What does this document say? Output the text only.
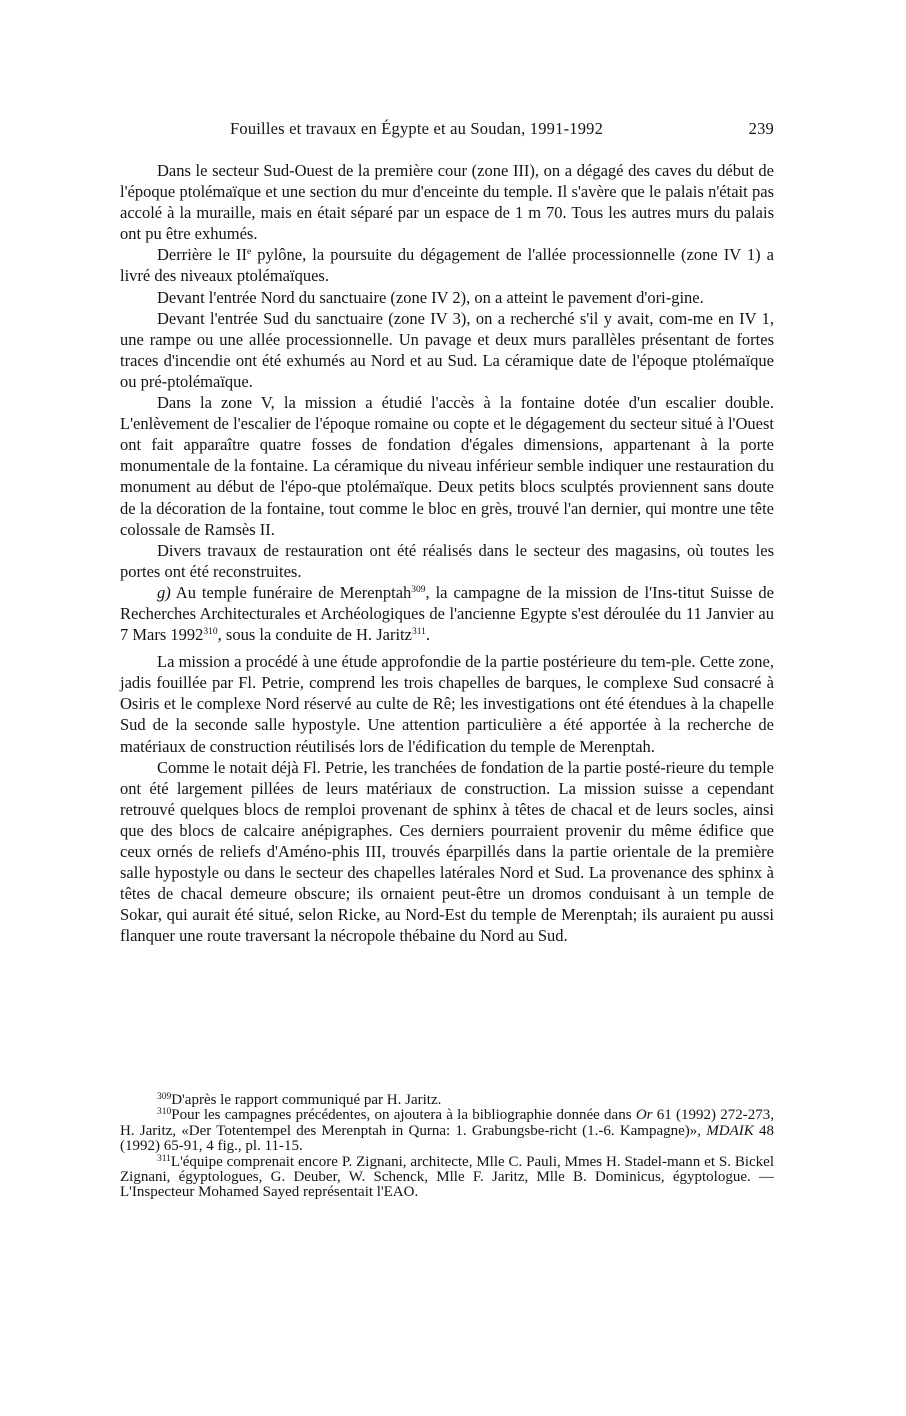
Fouilles et travaux en Égypte et au Soudan, 1991-1992	239

Dans le secteur Sud-Ouest de la première cour (zone III), on a dégagé des caves du début de l'époque ptolémaïque et une section du mur d'enceinte du temple. Il s'avère que le palais n'était pas accolé à la muraille, mais en était séparé par un espace de 1 m 70. Tous les autres murs du palais ont pu être exhumés.

Derrière le IIe pylône, la poursuite du dégagement de l'allée processionnelle (zone IV 1) a livré des niveaux ptolémaïques.

Devant l'entrée Nord du sanctuaire (zone IV 2), on a atteint le pavement d'ori-gine.

Devant l'entrée Sud du sanctuaire (zone IV 3), on a recherché s'il y avait, com-me en IV 1, une rampe ou une allée processionnelle. Un pavage et deux murs parallèles présentant de fortes traces d'incendie ont été exhumés au Nord et au Sud. La céramique date de l'époque ptolémaïque ou pré-ptolémaïque.

Dans la zone V, la mission a étudié l'accès à la fontaine dotée d'un escalier double. L'enlèvement de l'escalier de l'époque romaine ou copte et le dégagement du secteur situé à l'Ouest ont fait apparaître quatre fosses de fondation d'égales dimensions, appartenant à la porte monumentale de la fontaine. La céramique du niveau inférieur semble indiquer une restauration du monument au début de l'épo-que ptolémaïque. Deux petits blocs sculptés proviennent sans doute de la décoration de la fontaine, tout comme le bloc en grès, trouvé l'an dernier, qui montre une tête colossale de Ramsès II.

Divers travaux de restauration ont été réalisés dans le secteur des magasins, où toutes les portes ont été reconstruites.

g) Au temple funéraire de Merenptah$^{309}$, la campagne de la mission de l'Ins-titut Suisse de Recherches Architecturales et Archéologiques de l'ancienne Egypte s'est déroulée du 11 Janvier au 7 Mars 1992$^{310}$, sous la conduite de H. Jaritz$^{311}$.

La mission a procédé à une étude approfondie de la partie postérieure du tem-ple. Cette zone, jadis fouillée par Fl. Petrie, comprend les trois chapelles de barques, le complexe Sud consacré à Osiris et le complexe Nord réservé au culte de Rê; les investigations ont été étendues à la chapelle Sud de la seconde salle hypostyle. Une attention particulière a été apportée à la recherche de matériaux de construction réutilisés lors de l'édification du temple de Merenptah.

Comme le notait déjà Fl. Petrie, les tranchées de fondation de la partie posté-rieure du temple ont été largement pillées de leurs matériaux de construction. La mission suisse a cependant retrouvé quelques blocs de remploi provenant de sphinx à têtes de chacal et de leurs socles, ainsi que des blocs de calcaire anépigraphes. Ces derniers pourraient provenir du même édifice que ceux ornés de reliefs d'Améno-phis III, trouvés éparpillés dans la partie orientale de la première salle hypostyle ou dans le secteur des chapelles latérales Nord et Sud. La provenance des sphinx à têtes de chacal demeure obscure; ils ornaient peut-être un dromos conduisant à un temple de Sokar, qui aurait été situé, selon Ricke, au Nord-Est du temple de Merenptah; ils auraient pu aussi flanquer une route traversant la nécropole thébaine du Nord au Sud.

$^{309}$D'après le rapport communiqué par H. Jaritz.

$^{310}$Pour les campagnes précédentes, on ajoutera à la bibliographie donnée dans Or 61 (1992) 272-273, H. Jaritz, «Der Totentempel des Merenptah in Qurna: 1. Grabungsbe-richt (1.-6. Kampagne)», MDAIK 48 (1992) 65-91, 4 fig., pl. 11-15.

$^{311}$L'équipe comprenait encore P. Zignani, architecte, Mlle C. Pauli, Mmes H. Stadel-mann et S. Bickel Zignani, égyptologues, G. Deuber, W. Schenck, Mlle F. Jaritz, Mlle B. Dominicus, égyptologue. — L'Inspecteur Mohamed Sayed représentait l'EAO.
